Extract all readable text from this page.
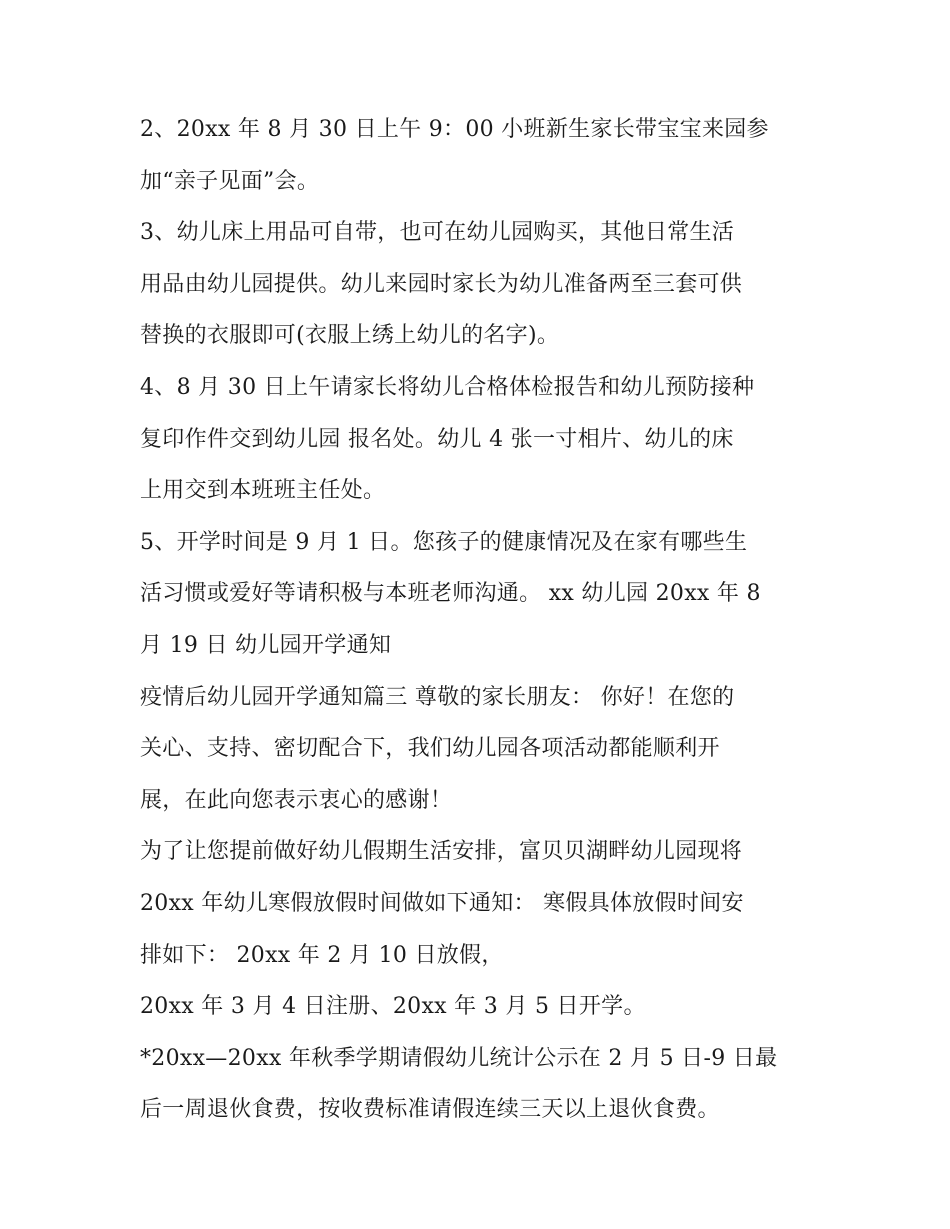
2、20xx 年 8 月 30 日上午 9：00 小班新生家长带宝宝来园参
加“亲子见面”会。
3、幼儿床上用品可自带，也可在幼儿园购买，其他日常生活
用品由幼儿园提供。幼儿来园时家长为幼儿准备两至三套可供
替换的衣服即可(衣服上绣上幼儿的名字)。
4、8 月 30 日上午请家长将幼儿合格体检报告和幼儿预防接种
复印作件交到幼儿园 报名处。幼儿 4 张一寸相片、幼儿的床
上用交到本班班主任处。
5、开学时间是 9 月 1 日。您孩子的健康情况及在家有哪些生
活习惯或爱好等请积极与本班老师沟通。 xx 幼儿园 20xx 年 8
月 19 日 幼儿园开学通知
疫情后幼儿园开学通知篇三 尊敬的家长朋友： 你好！在您的
关心、支持、密切配合下，我们幼儿园各项活动都能顺利开
展，在此向您表示衷心的感谢！
为了让您提前做好幼儿假期生活安排，富贝贝湖畔幼儿园现将
20xx 年幼儿寒假放假时间做如下通知： 寒假具体放假时间安
排如下： 20xx 年 2 月 10 日放假，
20xx 年 3 月 4 日注册、20xx 年 3 月 5 日开学。
*20xx—20xx 年秋季学期请假幼儿统计公示在 2 月 5 日-9 日最
后一周退伙食费，按收费标准请假连续三天以上退伙食费。
